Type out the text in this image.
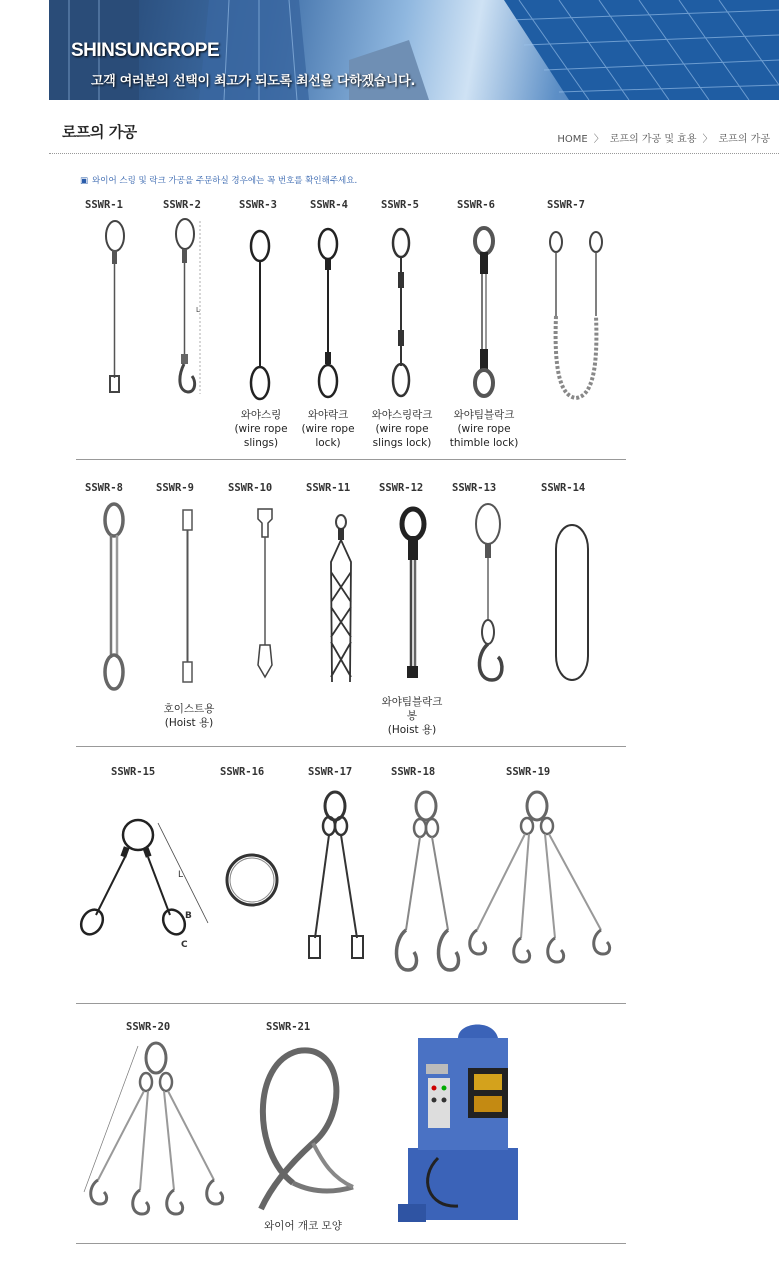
SHINSUNGROPE
고객 여러분의 선택이 최고가 되도록 최선을 다하겠습니다.
로프의 가공	HOME 〉 로프의 가공 및 효용 〉 로프의 가공
▣ 와이어 스링 및 락크 가공을 주문하실 경우에는 꼭 번호를 확인해주세요.
SSWR-1	SSWR-2	SSWR-3	SSWR-4	SSWR-5	SSWR-6	SSWR-7
L
와야스링
(wire rope
slings)
와야락크
(wire rope
lock)
와야스링락크
(wire rope
slings lock)
와야팀블락크
(wire rope
thimble lock)
SSWR-8	SSWR-9	SSWR-10	SSWR-11	SSWR-12	SSWR-13	SSWR-14
호이스트용
(Hoist 용)
와야팀블락크
봉
(Hoist 용)
SSWR-15	SSWR-16	SSWR-17	SSWR-18	SSWR-19
L
B
C
SSWR-20	SSWR-21
와이어 개코 모양
